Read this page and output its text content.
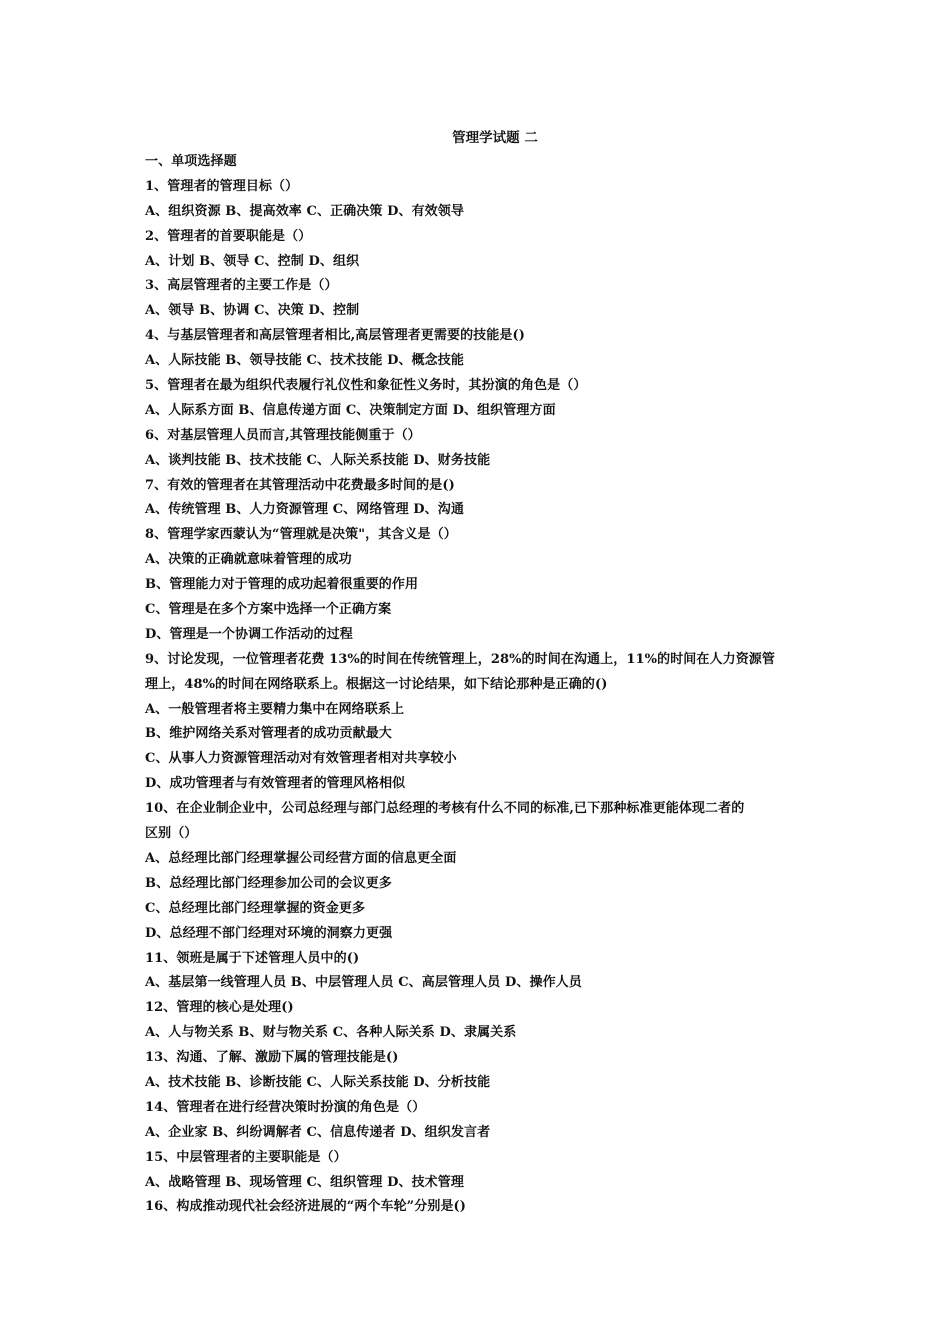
管理学试题 二
一、单项选择题
1、管理者的管理目标（）
A、组织资源 B、提高效率 C、正确决策 D、有效领导
2、管理者的首要职能是（）
A、计划 B、领导 C、控制 D、组织
3、高层管理者的主要工作是（）
A、领导 B、协调 C、决策 D、控制
4、与基层管理者和高层管理者相比,高层管理者更需要的技能是()
A、人际技能 B、领导技能 C、技术技能 D、概念技能
5、管理者在最为组织代表履行礼仪性和象征性义务时，其扮演的角色是（）
A、人际系方面 B、信息传递方面 C、决策制定方面 D、组织管理方面
6、对基层管理人员而言,其管理技能侧重于（）
A、谈判技能 B、技术技能 C、人际关系技能 D、财务技能
7、有效的管理者在其管理活动中花费最多时间的是()
A、传统管理 B、人力资源管理 C、网络管理 D、沟通
8、管理学家西蒙认为“管理就是决策"，其含义是（）
A、决策的正确就意味着管理的成功
B、管理能力对于管理的成功起着很重要的作用
C、管理是在多个方案中选择一个正确方案
D、管理是一个协调工作活动的过程
9、讨论发现，一位管理者花费 13%的时间在传统管理上，28%的时间在沟通上，11%的时间在人力资源管
理上，48%的时间在网络联系上。根据这一讨论结果，如下结论那种是正确的()
A、一般管理者将主要精力集中在网络联系上
B、维护网络关系对管理者的成功贡献最大
C、从事人力资源管理活动对有效管理者相对共享较小
D、成功管理者与有效管理者的管理风格相似
10、在企业制企业中，公司总经理与部门总经理的考核有什么不同的标准,已下那种标准更能体现二者的
区别（）
A、总经理比部门经理掌握公司经营方面的信息更全面
B、总经理比部门经理参加公司的会议更多
C、总经理比部门经理掌握的资金更多
D、总经理不部门经理对环境的洞察力更强
11、领班是属于下述管理人员中的()
A、基层第一线管理人员 B、中层管理人员 C、高层管理人员 D、操作人员
12、管理的核心是处理()
A、人与物关系 B、财与物关系 C、各种人际关系 D、隶属关系
13、沟通、了解、激励下属的管理技能是()
A、技术技能 B、诊断技能 C、人际关系技能 D、分析技能
14、管理者在进行经营决策时扮演的角色是（）
A、企业家 B、纠纷调解者 C、信息传递者 D、组织发言者
15、中层管理者的主要职能是（）
A、战略管理 B、现场管理 C、组织管理 D、技术管理
16、构成推动现代社会经济进展的“两个车轮”分别是()
